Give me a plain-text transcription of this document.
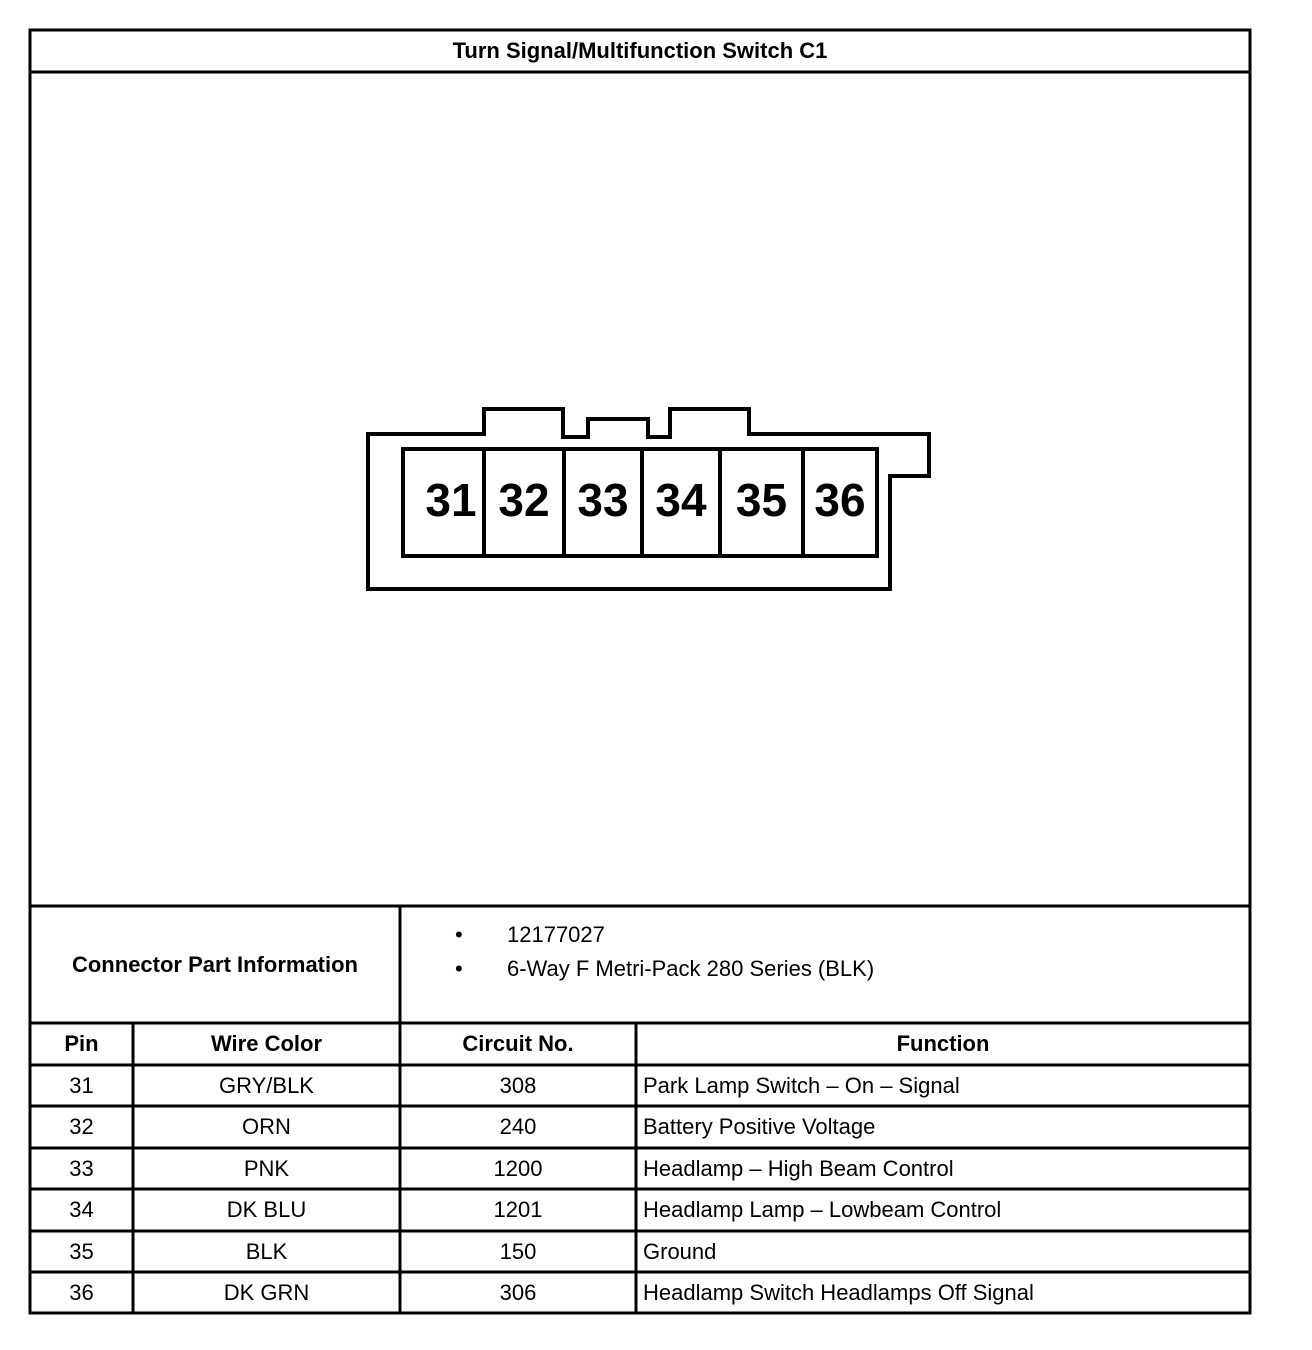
Turn Signal/Multifunction Switch C1
31 32 33 34 35 36
Connector Part Information
• 12177027
• 6-Way F Metri-Pack 280 Series (BLK)
Pin	Wire Color	Circuit No.	Function
31	GRY/BLK	308	Park Lamp Switch – On – Signal
32	ORN	240	Battery Positive Voltage
33	PNK	1200	Headlamp – High Beam Control
34	DK BLU	1201	Headlamp Lamp – Lowbeam Control
35	BLK	150	Ground
36	DK GRN	306	Headlamp Switch Headlamps Off Signal
